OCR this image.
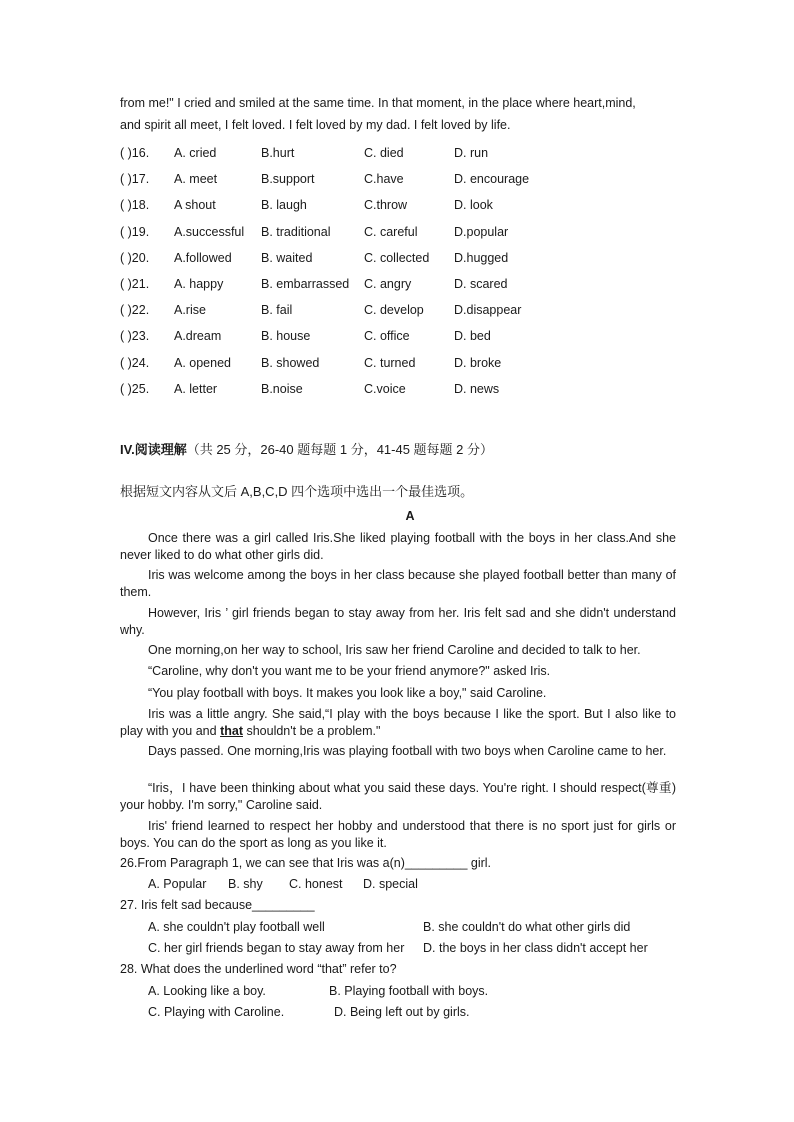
from me!" I cried and smiled at the same time. In that moment, in the place where heart,mind,
and spirit all meet, I felt loved. I felt loved by my dad. I felt loved by life.
( )16. A. cried	B.hurt	C. died	D. run
( )17. A. meet	B.support	C.have	D. encourage
( )18. A shout	B. laugh	C.throw	D. look
( )19. A.successful B. traditional	C. careful	D.popular
( )20. A.followed B. waited	C. collected D.hugged
( )21. A. happy	B. embarrassed C. angry	D. scared
( )22. A.rise	B. fail	C. develop D.disappear
( )23. A.dream	B. house	C. office	D. bed
( )24. A. opened B. showed	C. turned	D. broke
( )25. A. letter	B.noise	C.voice	D. news
IV.阅读理解（共 25 分，26-40 题每题 1 分，41-45 题每题 2 分）
根据短文内容从文后 A,B,C,D 四个选项中选出一个最佳选项。
A
Once there was a girl called Iris.She liked playing football with the boys in her class.And she never liked to do what other girls did.
Iris was welcome among the boys in her class because she played football better than many of them.
However, Iris ’ girl friends began to stay away from her. Iris felt sad and she didn't understand why.
One morning,on her way to school, Iris saw her friend Caroline and decided to talk to her.
“Caroline, why don't you want me to be your friend anymore?" asked Iris.
“You play football with boys. It makes you look like a boy," said Caroline.
Iris was a little angry. She said,“I play with the boys because I like the sport. But I also like to play with you and that shouldn't be a problem."
Days passed. One morning,Iris was playing football with two boys when Caroline came to her.
“Iris，I have been thinking about what you said these days. You're right. I should respect(尊重) your hobby. I'm sorry," Caroline said.
Iris' friend learned to respect her hobby and understood that there is no sport just for girls or boys. You can do the sport as long as you like it.
26.From Paragraph 1, we can see that Iris was a(n)_________ girl.
A. Popular B. shy C. honest D. special
27. Iris felt sad because_________
A. she couldn't play football well	B. she couldn't do what other girls did
C. her girl friends began to stay away from her D. the boys in her class didn't accept her
28. What does the underlined word “that” refer to?
A. Looking like a boy.	B. Playing football with boys.
C. Playing with Caroline.	D. Being left out by girls.
